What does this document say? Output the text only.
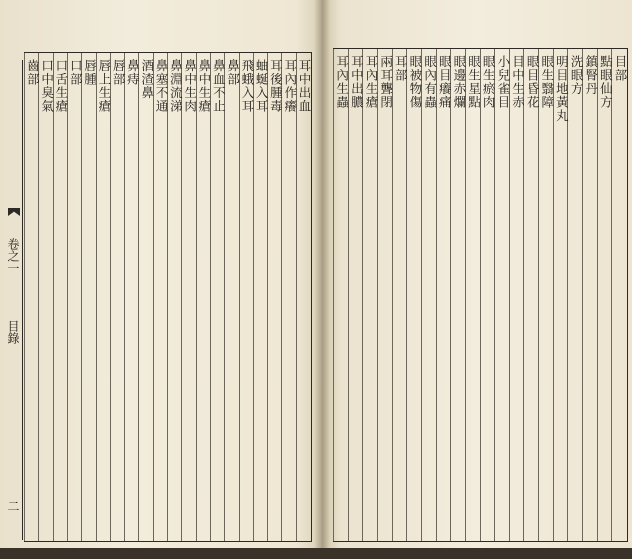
卷之一
目錄
二
耳中出血
耳內作癢
耳後腫毒
蚰蜒入耳
飛蛾入耳
鼻部
鼻血不止
鼻中生瘡
鼻中生肉
鼻淵流涕
鼻塞不通
酒渣鼻
鼻痔
唇部
唇上生瘡
唇腫
口部
口舌生瘡
口中臭氣
齒部	目部
點眼仙方
鎮腎丹
洗眼方
明目地黃丸
眼生翳障
眼目昏花
目中生赤
小兒雀目
眼生瘀肉
眼生星點
眼邊赤爛
眼目癢痛
眼內有蟲
眼被物傷
耳部
兩耳聾閉
耳內生瘡
耳中出膿
耳內生蟲
